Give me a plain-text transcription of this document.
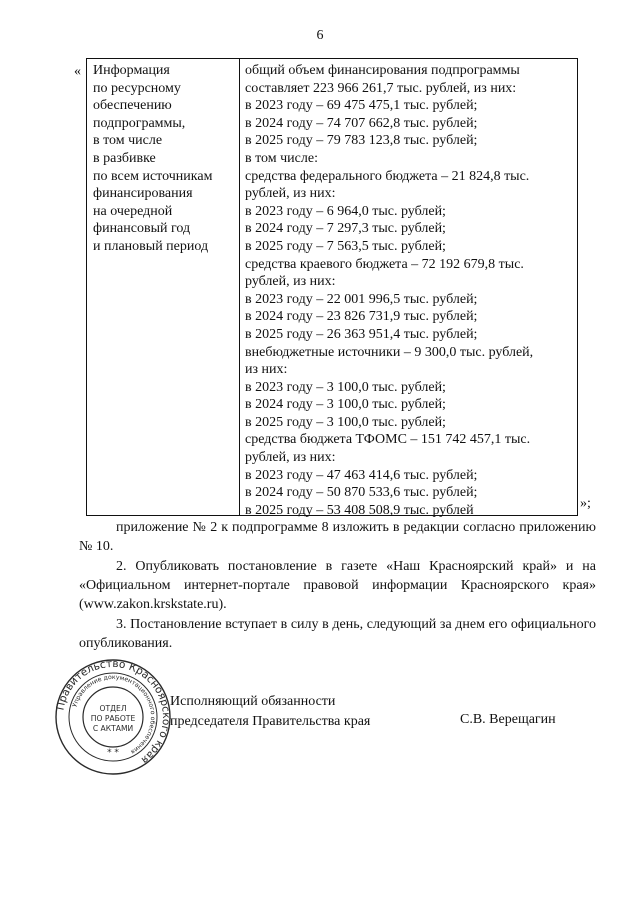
6
« Информация
по ресурсному
обеспечению
подпрограммы,
в том числе
в разбивке
по всем источникам
финансирования
на очередной
финансовый год
и плановый период
общий объем финансирования подпрограммы
составляет 223 966 261,7 тыс. рублей, из них:
в 2023 году – 69 475 475,1 тыс. рублей;
в 2024 году – 74 707 662,8 тыс. рублей;
в 2025 году – 79 783 123,8 тыс. рублей;
в том числе:
средства федерального бюджета – 21 824,8 тыс.
рублей, из них:
в 2023 году – 6 964,0 тыс. рублей;
в 2024 году – 7 297,3 тыс. рублей;
в 2025 году – 7 563,5 тыс. рублей;
средства краевого бюджета – 72 192 679,8 тыс.
рублей, из них:
в 2023 году – 22 001 996,5 тыс. рублей;
в 2024 году – 23 826 731,9 тыс. рублей;
в 2025 году – 26 363 951,4 тыс. рублей;
внебюджетные источники – 9 300,0 тыс. рублей,
из них:
в 2023 году – 3 100,0 тыс. рублей;
в 2024 году – 3 100,0 тыс. рублей;
в 2025 году – 3 100,0 тыс. рублей;
средства бюджета ТФОМС – 151 742 457,1 тыс.
рублей, из них:
в 2023 году – 47 463 414,6 тыс. рублей;
в 2024 году – 50 870 533,6 тыс. рублей;
в 2025 году – 53 408 508,9 тыс. рублей	»;

приложение № 2 к подпрограмме 8 изложить в редакции согласно приложению № 10.

2. Опубликовать постановление в газете «Наш Красноярский край» и на «Официальном интернет-портале правовой информации Красноярского края» (www.zakon.krskstate.ru).

3. Постановление вступает в силу в день, следующий за днем его официального опубликования.

Правительство Красноярского края
Управление документационного обеспечения
ОТДЕЛ
ПО РАБОТЕ
С АКТАМИ
* *
Исполняющий обязанности
председателя Правительства края	С.В. Верещагин
